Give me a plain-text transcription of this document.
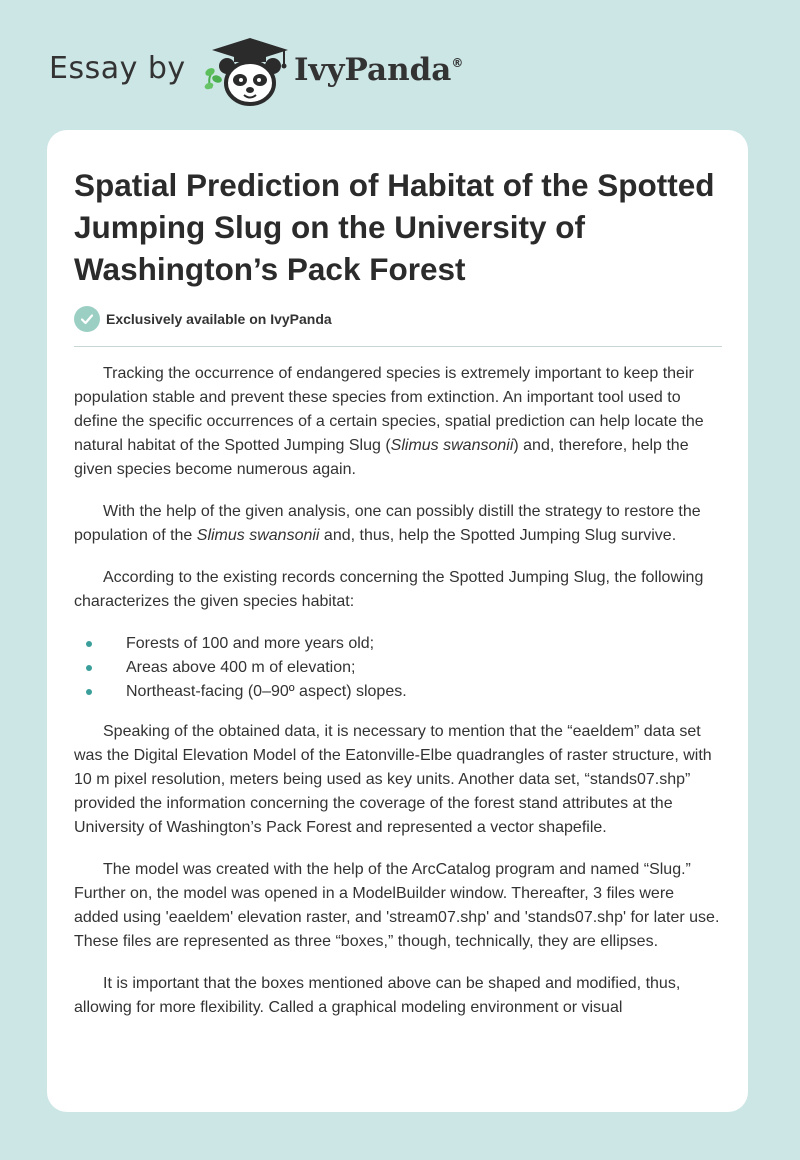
Essay by	IvyPanda®
Spatial Prediction of Habitat of the Spotted Jumping Slug on the University of Washington’s Pack Forest
Exclusively available on IvyPanda

Tracking the occurrence of endangered species is extremely important to keep their population stable and prevent these species from extinction. An important tool used to define the specific occurrences of a certain species, spatial prediction can help locate the natural habitat of the Spotted Jumping Slug (Slimus swansonii) and, therefore, help the given species become numerous again.

With the help of the given analysis, one can possibly distill the strategy to restore the population of the Slimus swansonii and, thus, help the Spotted Jumping Slug survive.

According to the existing records concerning the Spotted Jumping Slug, the following characterizes the given species habitat:

Forests of 100 and more years old;
Areas above 400 m of elevation;
Northeast-facing (0–90º aspect) slopes.

Speaking of the obtained data, it is necessary to mention that the “eaeldem” data set was the Digital Elevation Model of the Eatonville-Elbe quadrangles of raster structure, with 10 m pixel resolution, meters being used as key units. Another data set, “stands07.shp” provided the information concerning the coverage of the forest stand attributes at the University of Washington’s Pack Forest and represented a vector shapefile.

The model was created with the help of the ArcCatalog program and named “Slug.” Further on, the model was opened in a ModelBuilder window. Thereafter, 3 files were added using 'eaeldem' elevation raster, and 'stream07.shp' and 'stands07.shp' for later use. These files are represented as three “boxes,” though, technically, they are ellipses.

It is important that the boxes mentioned above can be shaped and modified, thus, allowing for more flexibility. Called a graphical modeling environment or visual
